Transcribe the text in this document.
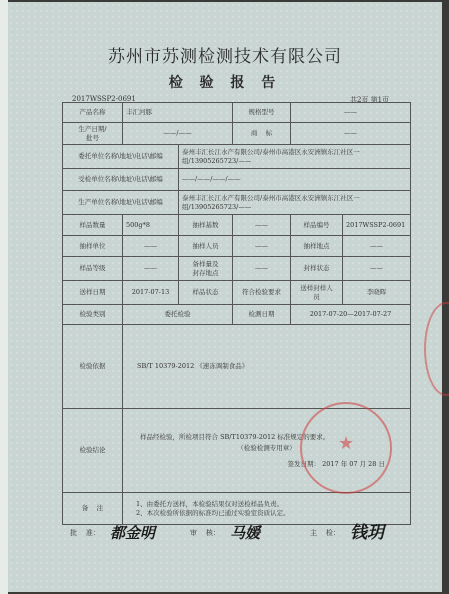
苏州市苏测检测技术有限公司
检 验 报 告
2017WSSP2-0691	共2页 第1页
产品名称	丰汇河豚		规格型号	——	
生产日期/
批号	——/——		商    标	——	
委托单位名称\地址\电话\邮编		泰州丰汇长江水产有限公司/泰州市高港区永安洲镇东江社区一组/13905265723/——			
受检单位名称\地址\电话\邮编		——/——/——/——			
生产单位名称\地址\电话\邮编		泰州丰汇长江水产有限公司/泰州市高港区永安洲镇东江社区一组/13905265723/——			
样品数量	500g*8	抽样基数	——	样品编号	2017WSSP2-0691
抽样单位	——	抽样人员	——	抽样地点	——
样品等级	——	备样量及
封存地点	——	封样状态	——
送样日期	2017-07-13	样品状态	符合检验要求	送样封样人
员	李晓晖
检验类别	委托检验		检测日期	2017-07-20—2017-07-27	
检验依据	SB/T 10379-2012 《速冻调制食品》				
检验结论	样品经检验，所检项目符合 SB/T10379-2012 标准规定的要求。
（检验检测专用章）
签发日期： 2017 年 07 月 28 日				

备    注	1、由委托方送样，本检验结果仅对送检样品负责。
2、本次检验所依据的标准均已通过实验室资质认定。				
★
批    准： 都金明	审    核： 马媛	主    检： 钱玥
